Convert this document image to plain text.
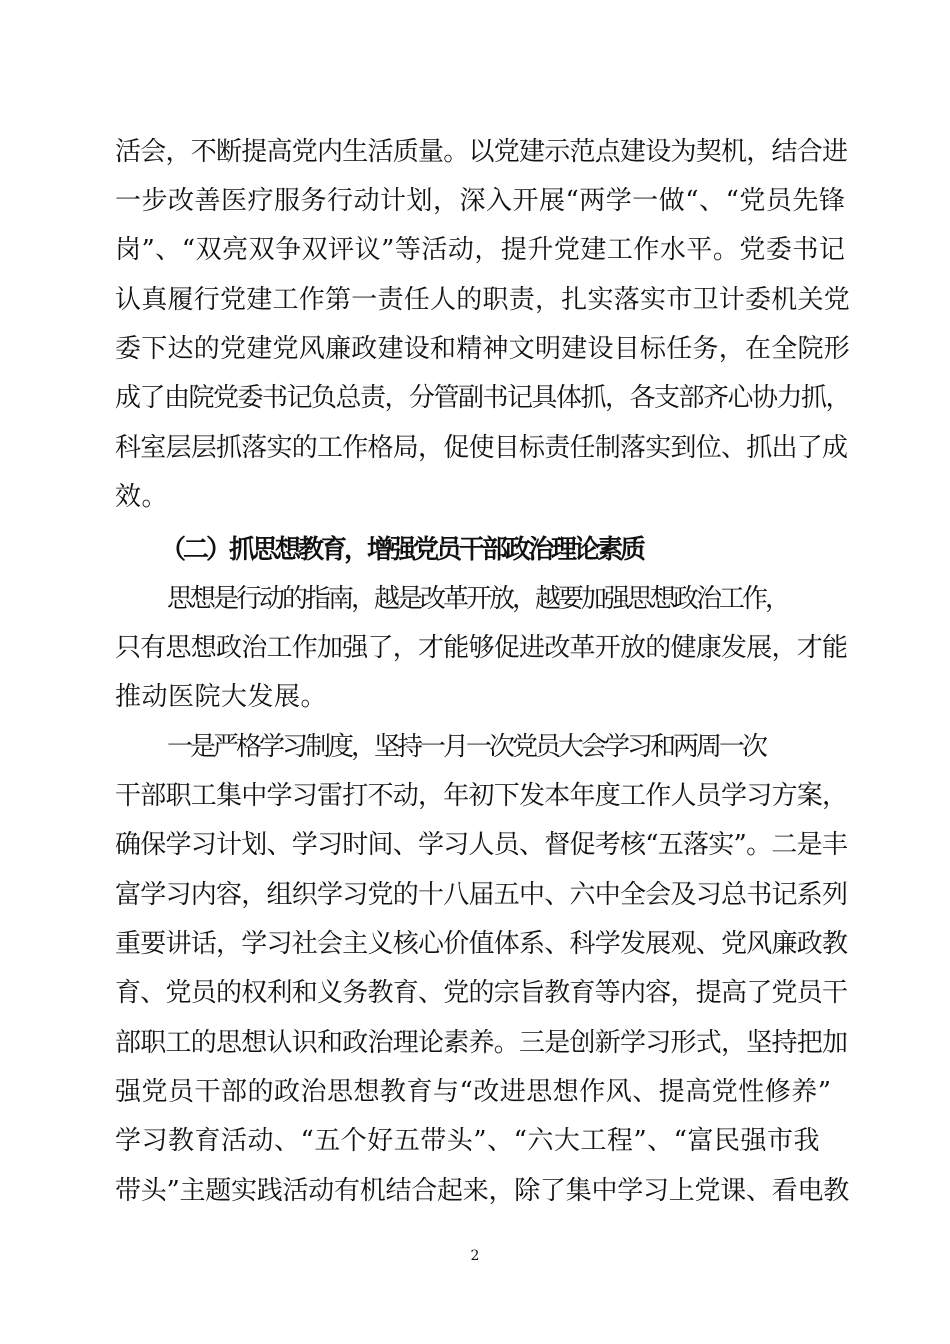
活会，不断提高党内生活质量。以党建示范点建设为契机，结合进
一步改善医疗服务行动计划，深入开展“两学一做“、“党员先锋
岗”、“双亮双争双评议”等活动，提升党建工作水平。党委书记
认真履行党建工作第一责任人的职责，扎实落实市卫计委机关党
委下达的党建党风廉政建设和精神文明建设目标任务，在全院形
成了由院党委书记负总责，分管副书记具体抓，各支部齐心协力抓，
科室层层抓落实的工作格局，促使目标责任制落实到位、抓出了成
效。
（二）抓思想教育，增强党员干部政治理论素质
思想是行动的指南，越是改革开放，越要加强思想政治工作，
只有思想政治工作加强了，才能够促进改革开放的健康发展，才能
推动医院大发展。
一是严格学习制度，坚持一月一次党员大会学习和两周一次
干部职工集中学习雷打不动，年初下发本年度工作人员学习方案，
确保学习计划、学习时间、学习人员、督促考核“五落实”。二是丰
富学习内容，组织学习党的十八届五中、六中全会及习总书记系列
重要讲话，学习社会主义核心价值体系、科学发展观、党风廉政教
育、党员的权利和义务教育、党的宗旨教育等内容，提高了党员干
部职工的思想认识和政治理论素养。三是创新学习形式，坚持把加
强党员干部的政治思想教育与“改进思想作风、提高党性修养”
学习教育活动、“五个好五带头”、“六大工程”、“富民强市我
带头”主题实践活动有机结合起来，除了集中学习上党课、看电教
2
